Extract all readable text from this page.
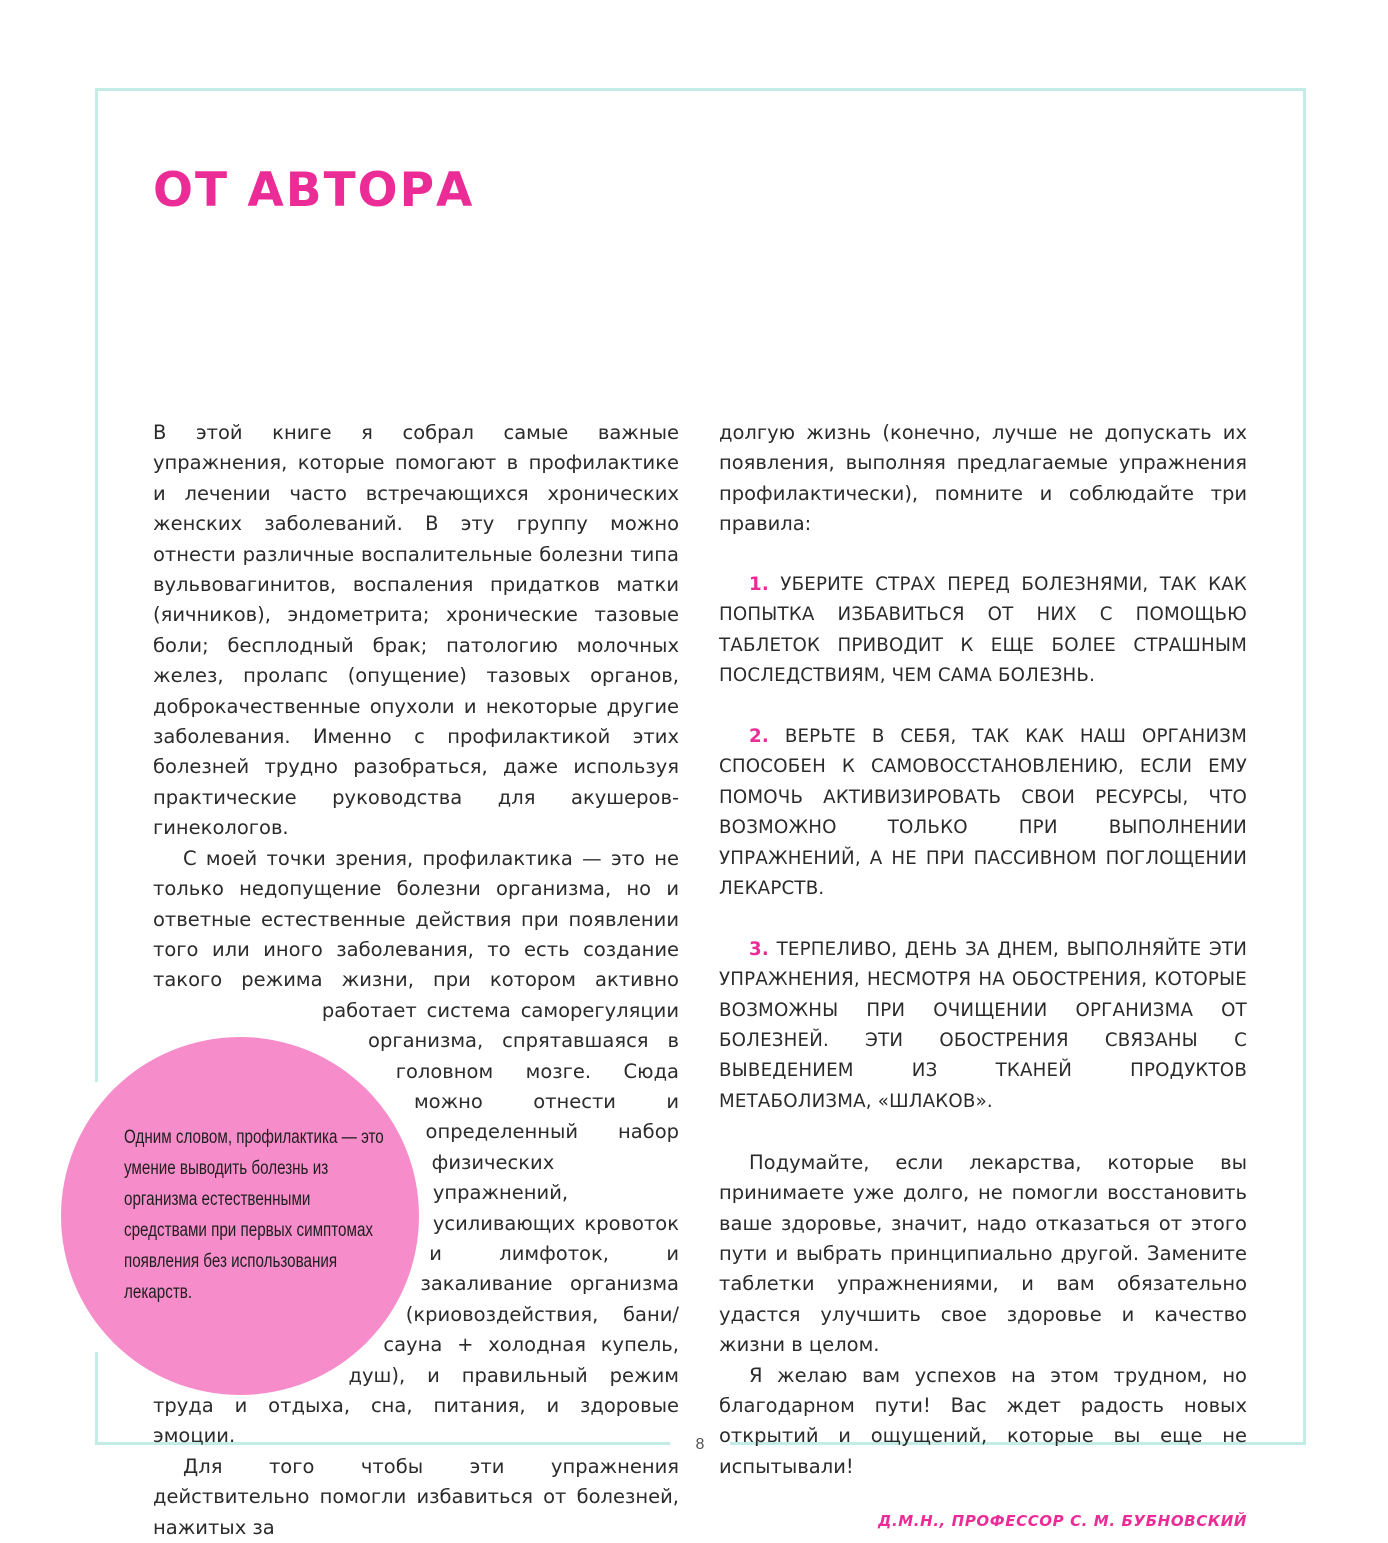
ОТ АВТОРА

В этой книге я собрал самые важные упражнения, которые помогают в профилактике и лечении часто встречающихся хронических женских заболеваний. В эту группу можно отнести различные воспалительные болезни типа вульвовагинитов, воспаления придатков матки (яичников), эндометрита; хронические тазовые боли; бесплодный брак; патологию молочных желез, пролапс (опущение) тазовых органов, доброкачественные опухоли и некоторые другие заболевания. Именно с профилактикой этих болезней трудно разобраться, даже используя практические руководства для акушеров-гинекологов.

С моей точки зрения, профилактика — это не только недопущение болезни организма, но и ответные естественные действия при появлении того или иного заболевания, то есть создание такого режима жизни, при котором активно работает система саморегуляции организма, спрятавшаяся в головном мозге. Сюда можно отнести и определенный набор физических упражнений, усиливающих кровоток и лимфоток, и закаливание организма (криовоздействия, бани/сауна + холодная купель, душ), и правильный режим труда и отдыха, сна, питания, и здоровые эмоции.

Для того чтобы эти упражнения действительно помогли избавиться от болезней, нажитых за

Одним словом, профилактика — это умение выводить болезнь из организма естественными средствами при первых симптомах появления без использования лекарств.

долгую жизнь (конечно, лучше не допускать их появления, выполняя предлагаемые упражнения профилактически), помните и соблюдайте три правила:

1. УБЕРИТЕ СТРАХ ПЕРЕД БОЛЕЗНЯМИ, ТАК КАК ПОПЫТКА ИЗБАВИТЬСЯ ОТ НИХ С ПОМОЩЬЮ ТАБЛЕТОК ПРИВОДИТ К ЕЩЕ БОЛЕЕ СТРАШНЫМ ПОСЛЕДСТВИЯМ, ЧЕМ САМА БОЛЕЗНЬ.

2. ВЕРЬТЕ В СЕБЯ, ТАК КАК НАШ ОРГАНИЗМ СПОСОБЕН К САМОВОССТАНОВЛЕНИЮ, ЕСЛИ ЕМУ ПОМОЧЬ АКТИВИЗИРОВАТЬ СВОИ РЕСУРСЫ, ЧТО ВОЗМОЖНО ТОЛЬКО ПРИ ВЫПОЛНЕНИИ УПРАЖНЕНИЙ, А НЕ ПРИ ПАССИВНОМ ПОГЛОЩЕНИИ ЛЕКАРСТВ.

3. ТЕРПЕЛИВО, ДЕНЬ ЗА ДНЕМ, ВЫПОЛНЯЙТЕ ЭТИ УПРАЖНЕНИЯ, НЕСМОТРЯ НА ОБОСТРЕНИЯ, КОТОРЫЕ ВОЗМОЖНЫ ПРИ ОЧИЩЕНИИ ОРГАНИЗМА ОТ БОЛЕЗНЕЙ. ЭТИ ОБОСТРЕНИЯ СВЯЗАНЫ С ВЫВЕДЕНИЕМ ИЗ ТКАНЕЙ ПРОДУКТОВ МЕТАБОЛИЗМА, «ШЛАКОВ».

Подумайте, если лекарства, которые вы принимаете уже долго, не помогли восстановить ваше здоровье, значит, надо отказаться от этого пути и выбрать принципиально другой. Замените таблетки упражнениями, и вам обязательно удастся улучшить свое здоровье и качество жизни в целом.

Я желаю вам успехов на этом трудном, но благодарном пути! Вас ждет радость новых открытий и ощущений, которые вы еще не испытывали!

Д.М.Н., ПРОФЕССОР С. М. БУБНОВСКИЙ

8
